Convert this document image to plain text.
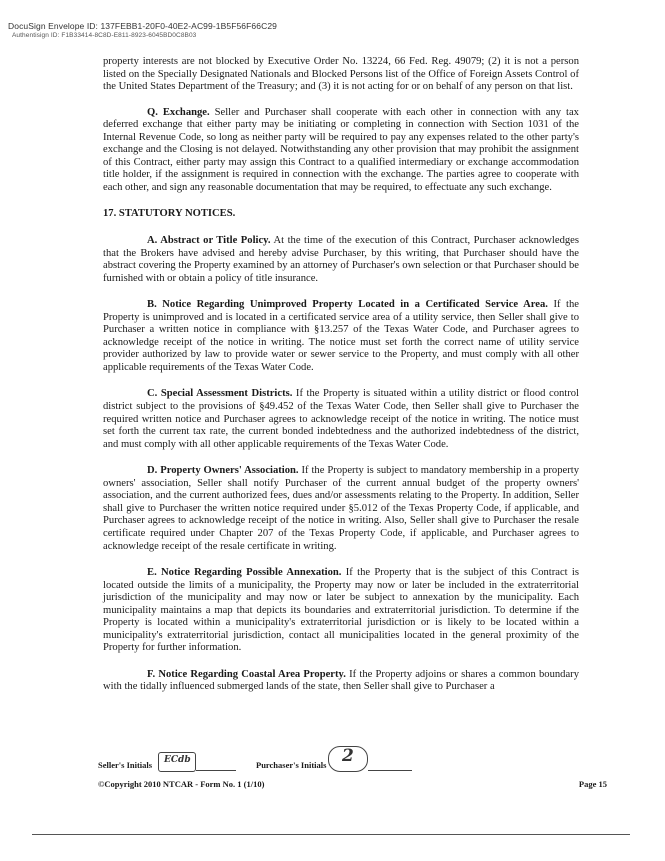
DocuSign Envelope ID: 137FEBB1-20F0-40E2-AC99-1B5F56F66C29
Authentisign ID: F1B33414-8C8D-E811-8923-6045BD0C8B03

property interests are not blocked by Executive Order No. 13224, 66 Fed. Reg. 49079; (2) it is not a person listed on the Specially Designated Nationals and Blocked Persons list of the Office of Foreign Assets Control of the United States Department of the Treasury; and (3) it is not acting for or on behalf of any person on that list.

Q. Exchange. Seller and Purchaser shall cooperate with each other in connection with any tax deferred exchange that either party may be initiating or completing in connection with Section 1031 of the Internal Revenue Code, so long as neither party will be required to pay any expenses related to the other party's exchange and the Closing is not delayed. Notwithstanding any other provision that may prohibit the assignment of this Contract, either party may assign this Contract to a qualified intermediary or exchange accommodation title holder, if the assignment is required in connection with the exchange. The parties agree to cooperate with each other, and sign any reasonable documentation that may be required, to effectuate any such exchange.

17. STATUTORY NOTICES.

A. Abstract or Title Policy. At the time of the execution of this Contract, Purchaser acknowledges that the Brokers have advised and hereby advise Purchaser, by this writing, that Purchaser should have the abstract covering the Property examined by an attorney of Purchaser's own selection or that Purchaser should be furnished with or obtain a policy of title insurance.

B. Notice Regarding Unimproved Property Located in a Certificated Service Area. If the Property is unimproved and is located in a certificated service area of a utility service, then Seller shall give to Purchaser a written notice in compliance with §13.257 of the Texas Water Code, and Purchaser agrees to acknowledge receipt of the notice in writing. The notice must set forth the correct name of utility service provider authorized by law to provide water or sewer service to the Property, and must comply with all other applicable requirements of the Texas Water Code.

C. Special Assessment Districts. If the Property is situated within a utility district or flood control district subject to the provisions of §49.452 of the Texas Water Code, then Seller shall give to Purchaser the required written notice and Purchaser agrees to acknowledge receipt of the notice in writing. The notice must set forth the current tax rate, the current bonded indebtedness and the authorized indebtedness of the district, and must comply with all other applicable requirements of the Texas Water Code.

D. Property Owners' Association. If the Property is subject to mandatory membership in a property owners' association, Seller shall notify Purchaser of the current annual budget of the property owners' association, and the current authorized fees, dues and/or assessments relating to the Property. In addition, Seller shall give to Purchaser the written notice required under §5.012 of the Texas Property Code, if applicable, and Purchaser agrees to acknowledge receipt of the notice in writing. Also, Seller shall give to Purchaser the resale certificate required under Chapter 207 of the Texas Property Code, if applicable, and Purchaser agrees to acknowledge receipt of the resale certificate in writing.

E. Notice Regarding Possible Annexation. If the Property that is the subject of this Contract is located outside the limits of a municipality, the Property may now or later be included in the extraterritorial jurisdiction of the municipality and may now or later be subject to annexation by the municipality. Each municipality maintains a map that depicts its boundaries and extraterritorial jurisdiction. To determine if the Property is located within a municipality's extraterritorial jurisdiction or is likely to be located within a municipality's extraterritorial jurisdiction, contact all municipalities located in the general proximity of the Property for further information.

F. Notice Regarding Coastal Area Property. If the Property adjoins or shares a common boundary with the tidally influenced submerged lands of the state, then Seller shall give to Purchaser a

Seller's Initials ECdb	Purchaser's Initials 2
©Copyright 2010 NTCAR - Form No. 1 (1/10)	Page 15
